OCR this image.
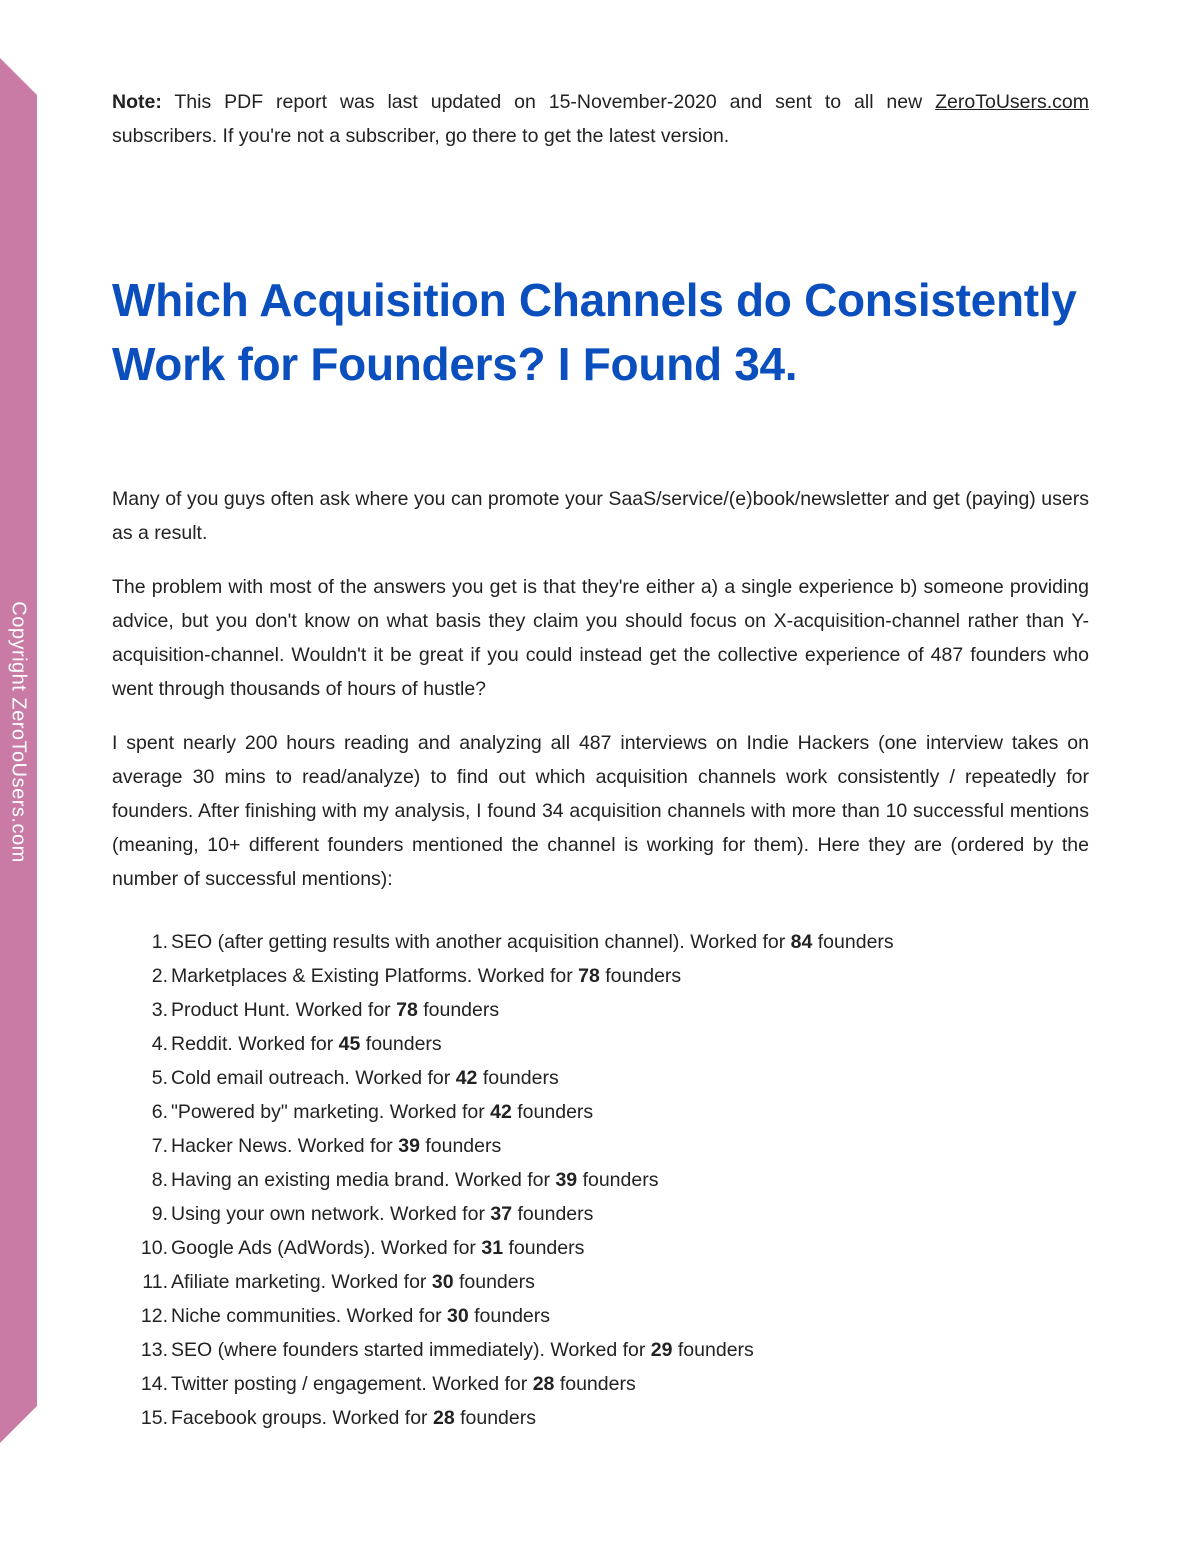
Copyright ZeroToUsers.com
Note: This PDF report was last updated on 15-November-2020 and sent to all new ZeroToUsers.com subscribers. If you're not a subscriber, go there to get the latest version.
Which Acquisition Channels do Consistently Work for Founders? I Found 34.

Many of you guys often ask where you can promote your SaaS/service/(e)book/newsletter and get (paying) users as a result.

The problem with most of the answers you get is that they're either a) a single experience b) someone providing advice, but you don't know on what basis they claim you should focus on X-acquisition-channel rather than Y- acquisition-channel. Wouldn't it be great if you could instead get the collective experience of 487 founders who went through thousands of hours of hustle?

I spent nearly 200 hours reading and analyzing all 487 interviews on Indie Hackers (one interview takes on average 30 mins to read/analyze) to find out which acquisition channels work consistently / repeatedly for founders. After finishing with my analysis, I found 34 acquisition channels with more than 10 successful mentions (meaning, 10+ different founders mentioned the channel is working for them). Here they are (ordered by the number of successful mentions):

1 . SEO (after getting results with another acquisition channel). Worked for 84 founders
2 . Marketplaces & Existing Platforms. Worked for 78 founders
3 . Product Hunt. Worked for 78 founders
4 . Reddit. Worked for 45 founders
5 . Cold email outreach. Worked for 42 founders
6 . "Powered by" marketing. Worked for 42 founders
7 . Hacker News. Worked for 39 founders
8 . Having an existing media brand. Worked for 39 founders
9 . Using your own network. Worked for 37 founders
10 . Google Ads (AdWords). Worked for 31 founders
11 . Afiliate marketing. Worked for 30 founders
12 . Niche communities. Worked for 30 founders
13 . SEO (where founders started immediately). Worked for 29 founders
14 . Twitter posting / engagement. Worked for 28 founders
15 . Facebook groups. Worked for 28 founders
